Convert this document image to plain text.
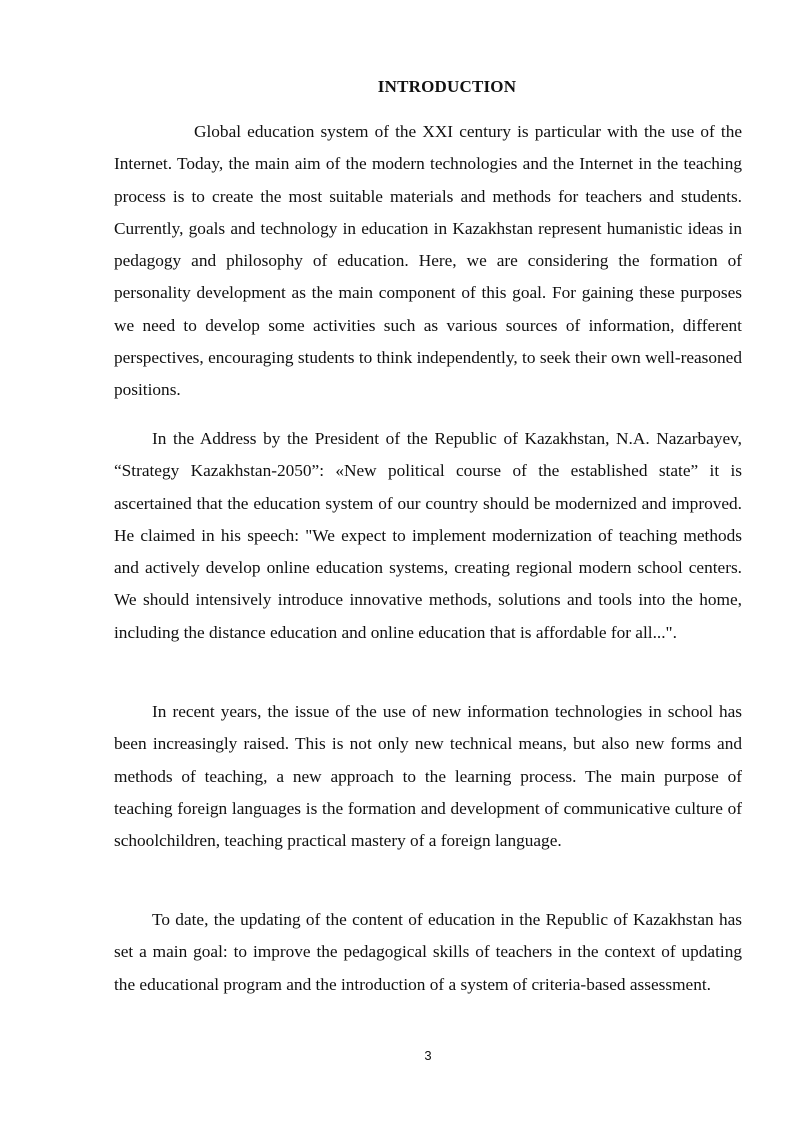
INTRODUCTION

Global education system of the XXI century is particular with the use of the Internet. Today, the main aim of the modern technologies and the Internet in the teaching process is to create the most suitable materials and methods for teachers and students. Currently, goals and technology in education in Kazakhstan represent humanistic ideas in pedagogy and philosophy of education. Here, we are considering the formation of personality development as the main component of this goal. For gaining these purposes we need to develop some activities such as various sources of information, different perspectives, encouraging students to think independently, to seek their own well-reasoned positions.

In the Address by the President of the Republic of Kazakhstan, N.A. Nazarbayev, “Strategy Kazakhstan-2050”: «New political course of the established state” it is ascertained that the education system of our country should be modernized and improved. He claimed in his speech: "We expect to implement modernization of teaching methods and actively develop online education systems, creating regional modern school centers. We should intensively introduce innovative methods, solutions and tools into the home, including the distance education and online education that is affordable for all...".

In recent years, the issue of the use of new information technologies in school has been increasingly raised. This is not only new technical means, but also new forms and methods of teaching, a new approach to the learning process. The main purpose of teaching foreign languages is the formation and development of communicative culture of schoolchildren, teaching practical mastery of a foreign language.

To date, the updating of the content of education in the Republic of Kazakhstan has set a main goal: to improve the pedagogical skills of teachers in the context of updating the educational program and the introduction of a system of criteria-based assessment.

3
